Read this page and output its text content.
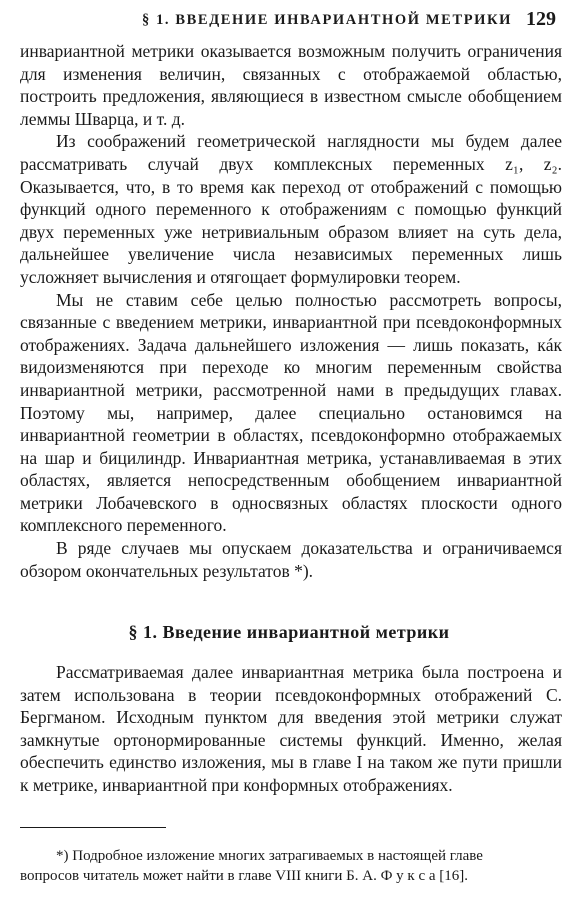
§ 1. ВВЕДЕНИЕ ИНВАРИАНТНОЙ МЕТРИКИ 129

инвариантной метрики оказывается возможным получить ограничения для изменения величин, связанных с отображаемой областью, построить предложения, являющиеся в известном смысле обобщением леммы Шварца, и т. д.

Из соображений геометрической наглядности мы будем далее рассматривать случай двух комплексных переменных z₁, z₂. Оказывается, что, в то время как переход от отображений с помощью функций одного переменного к отображениям с помощью функций двух переменных уже нетривиальным образом влияет на суть дела, дальнейшее увеличение числа независимых переменных лишь усложняет вычисления и отягощает формулировки теорем.

Мы не ставим себе целью полностью рассмотреть вопросы, связанные с введением метрики, инвариантной при псевдоконформных отображениях. Задача дальнейшего изложения — лишь показать, кáк видоизменяются при переходе ко многим переменным свойства инвариантной метрики, рассмотренной нами в предыдущих главах. Поэтому мы, например, далее специально остановимся на инвариантной геометрии в областях, псевдоконформно отображаемых на шар и бицилиндр. Инвариантная метрика, устанавливаемая в этих областях, является непосредственным обобщением инвариантной метрики Лобачевского в односвязных областях плоскости одного комплексного переменного.

В ряде случаев мы опускаем доказательства и ограничиваемся обзором окончательных результатов *).

§ 1. Введение инвариантной метрики

Рассматриваемая далее инвариантная метрика была построена и затем использована в теории псевдоконформных отображений С. Бергманом. Исходным пунктом для введения этой метрики служат замкнутые ортонормированные системы функций. Именно, желая обеспечить единство изложения, мы в главе I на таком же пути пришли к метрике, инвариантной при конформных отображениях.

*) Подробное изложение многих затрагиваемых в настоящей главе
вопросов читатель может найти в главе VIII книги Б. А. Ф у к с а [16].
